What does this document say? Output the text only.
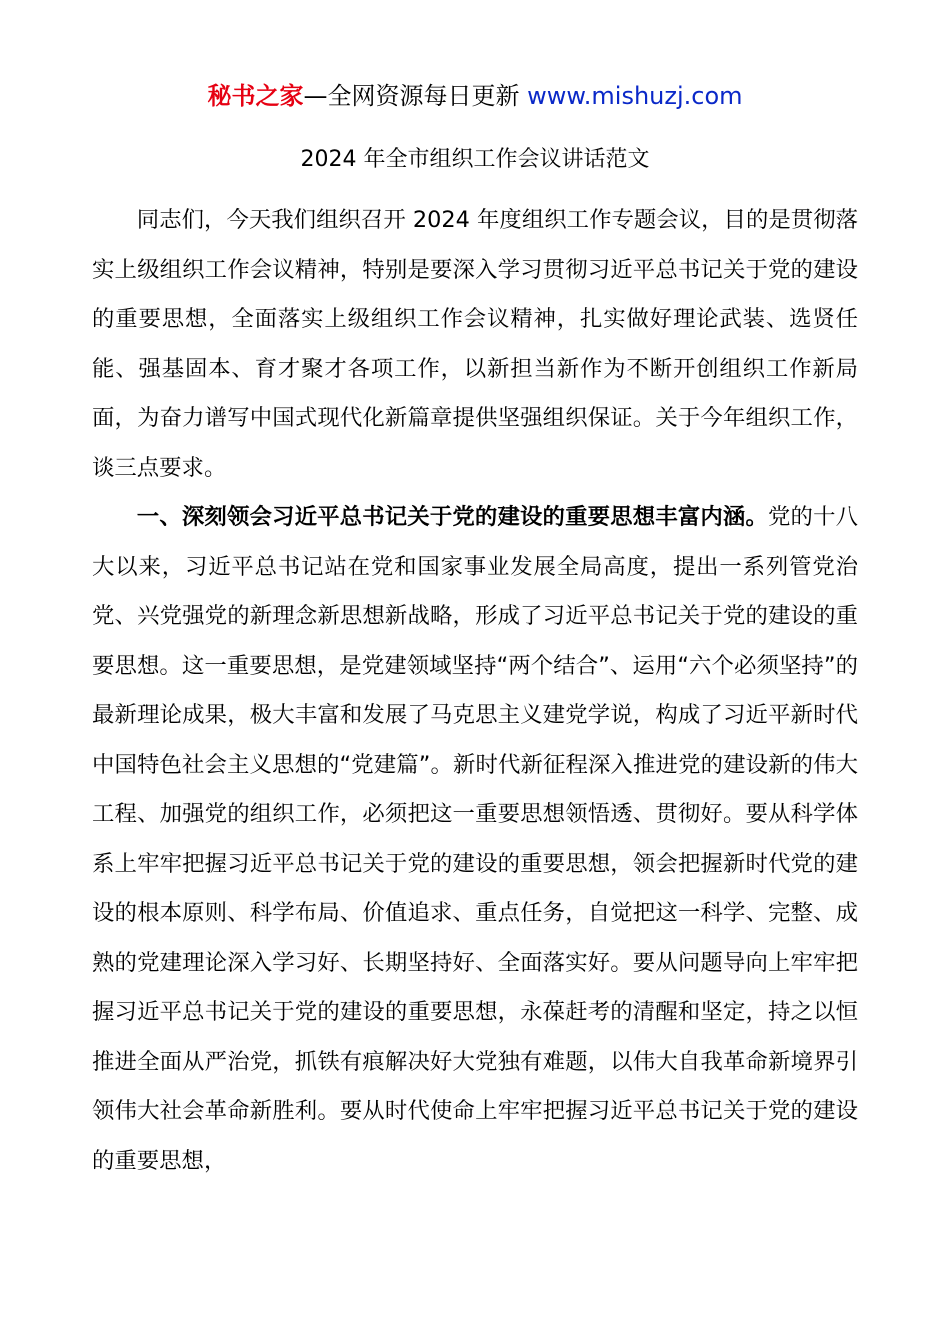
秘书之家—全网资源每日更新 www.mishuzj.com
2024 年全市组织工作会议讲话范文

同志们，今天我们组织召开 2024 年度组织工作专题会议，目的是贯彻落实上级组织工作会议精神，特别是要深入学习贯彻习近平总书记关于党的建设的重要思想，全面落实上级组织工作会议精神，扎实做好理论武装、选贤任能、强基固本、育才聚才各项工作，以新担当新作为不断开创组织工作新局面，为奋力谱写中国式现代化新篇章提供坚强组织保证。关于今年组织工作，谈三点要求。

一、深刻领会习近平总书记关于党的建设的重要思想丰富内涵。党的十八大以来，习近平总书记站在党和国家事业发展全局高度，提出一系列管党治党、兴党强党的新理念新思想新战略，形成了习近平总书记关于党的建设的重要思想。这一重要思想，是党建领域坚持“两个结合”、运用“六个必须坚持”的最新理论成果，极大丰富和发展了马克思主义建党学说，构成了习近平新时代中国特色社会主义思想的“党建篇”。新时代新征程深入推进党的建设新的伟大工程、加强党的组织工作，必须把这一重要思想领悟透、贯彻好。要从科学体系上牢牢把握习近平总书记关于党的建设的重要思想，领会把握新时代党的建设的根本原则、科学布局、价值追求、重点任务，自觉把这一科学、完整、成熟的党建理论深入学习好、长期坚持好、全面落实好。要从问题导向上牢牢把握习近平总书记关于党的建设的重要思想，永葆赶考的清醒和坚定，持之以恒推进全面从严治党，抓铁有痕解决好大党独有难题，以伟大自我革命新境界引领伟大社会革命新胜利。要从时代使命上牢牢把握习近平总书记关于党的建设的重要思想，
